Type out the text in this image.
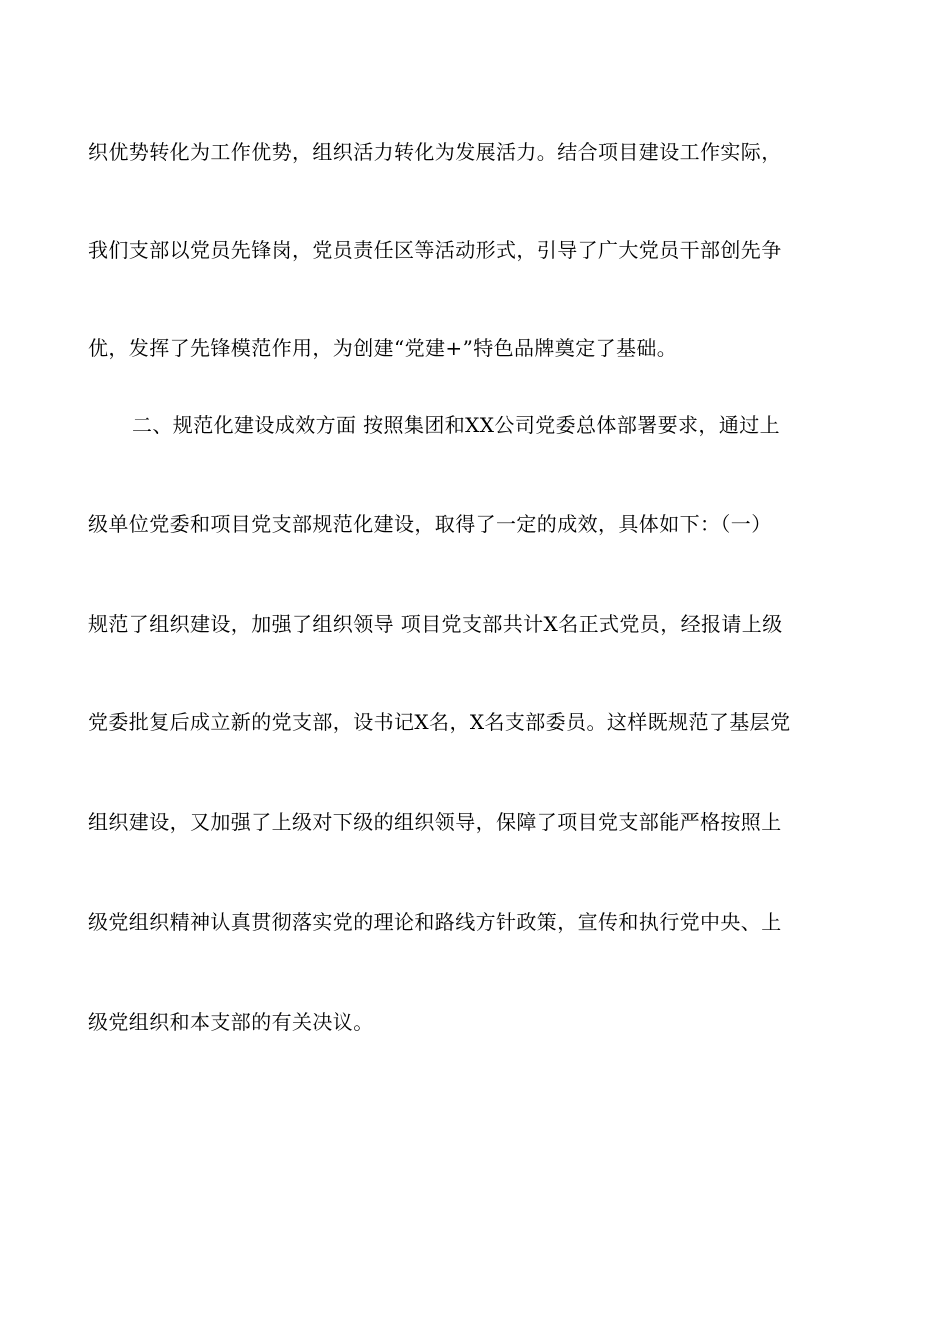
织优势转化为工作优势，组织活力转化为发展活力。结合项目建设工作实际，

我们支部以党员先锋岗，党员责任区等活动形式，引导了广大党员干部创先争

优，发挥了先锋模范作用，为创建“党建+”特色品牌奠定了基础。

二、规范化建设成效方面 按照集团和XX公司党委总体部署要求，通过上

级单位党委和项目党支部规范化建设，取得了一定的成效，具体如下：（一）

规范了组织建设，加强了组织领导 项目党支部共计X名正式党员，经报请上级

党委批复后成立新的党支部，设书记X名，X名支部委员。这样既规范了基层党

组织建设，又加强了上级对下级的组织领导，保障了项目党支部能严格按照上

级党组织精神认真贯彻落实党的理论和路线方针政策，宣传和执行党中央、上

级党组织和本支部的有关决议。
